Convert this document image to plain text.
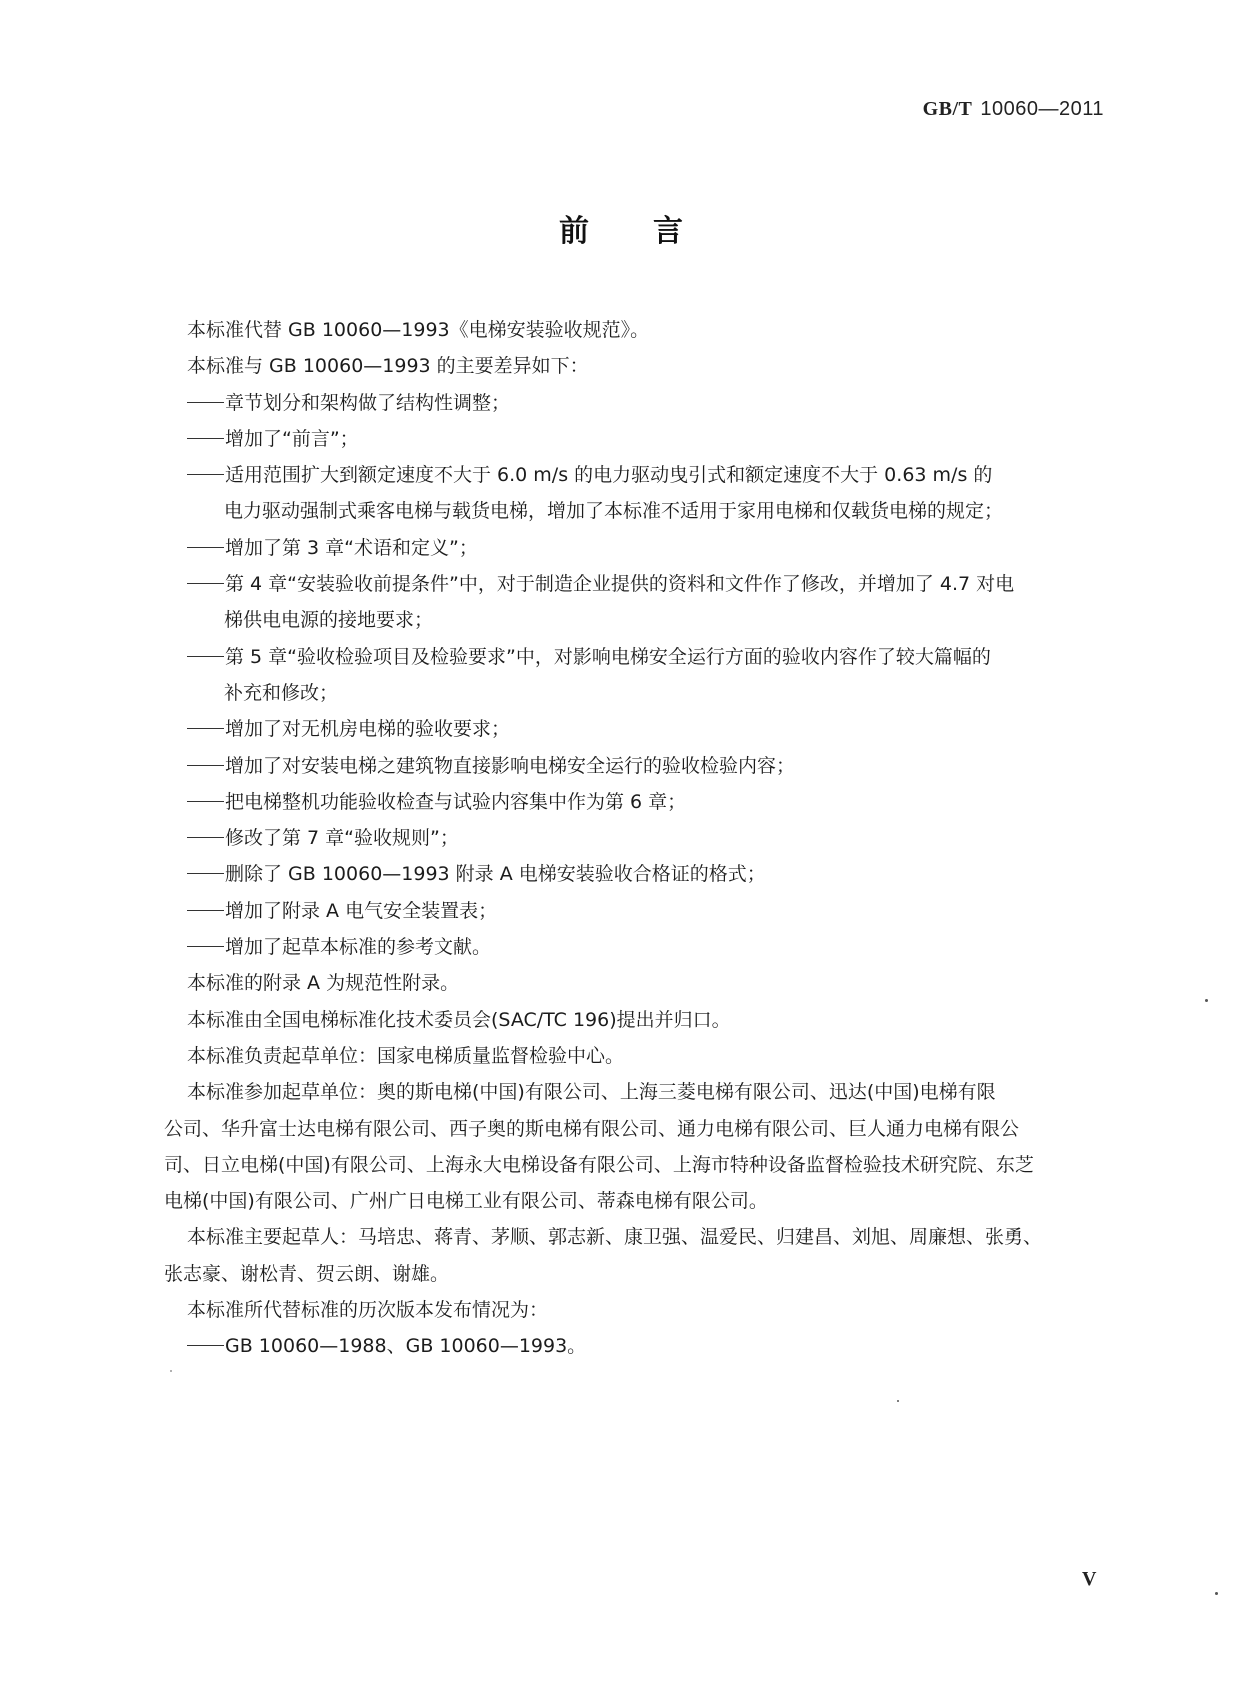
GB/T 10060—2011
前言
本标准代替 GB 10060—1993《电梯安装验收规范》。
本标准与 GB 10060—1993 的主要差异如下：
章节划分和架构做了结构性调整；
增加了“前言”；
适用范围扩大到额定速度不大于 6.0 m/s 的电力驱动曳引式和额定速度不大于 0.63 m/s 的
电力驱动强制式乘客电梯与载货电梯，增加了本标准不适用于家用电梯和仅载货电梯的规定；
增加了第 3 章“术语和定义”；
第 4 章“安装验收前提条件”中，对于制造企业提供的资料和文件作了修改，并增加了 4.7 对电
梯供电电源的接地要求；
第 5 章“验收检验项目及检验要求”中，对影响电梯安全运行方面的验收内容作了较大篇幅的
补充和修改；
增加了对无机房电梯的验收要求；
增加了对安装电梯之建筑物直接影响电梯安全运行的验收检验内容；
把电梯整机功能验收检查与试验内容集中作为第 6 章；
修改了第 7 章“验收规则”；
删除了 GB 10060—1993 附录 A 电梯安装验收合格证的格式；
增加了附录 A 电气安全装置表；
增加了起草本标准的参考文献。
本标准的附录 A 为规范性附录。
本标准由全国电梯标准化技术委员会(SAC/TC 196)提出并归口。
本标准负责起草单位：国家电梯质量监督检验中心。
本标准参加起草单位：奥的斯电梯(中国)有限公司、上海三菱电梯有限公司、迅达(中国)电梯有限
公司、华升富士达电梯有限公司、西子奥的斯电梯有限公司、通力电梯有限公司、巨人通力电梯有限公
司、日立电梯(中国)有限公司、上海永大电梯设备有限公司、上海市特种设备监督检验技术研究院、东芝
电梯(中国)有限公司、广州广日电梯工业有限公司、蒂森电梯有限公司。
本标准主要起草人：马培忠、蒋青、茅顺、郭志新、康卫强、温爱民、归建昌、刘旭、周廉想、张勇、
张志豪、谢松青、贺云朗、谢雄。
本标准所代替标准的历次版本发布情况为：
GB 10060—1988、GB 10060—1993。
V
